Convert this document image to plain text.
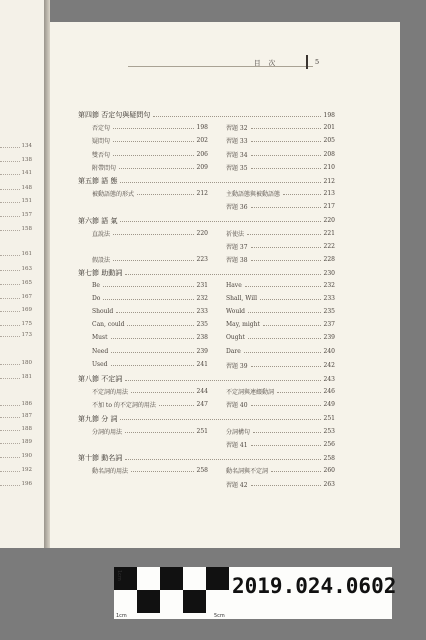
134
138
141
148
151
157
158
161
163
165
167
169
175
173
180
181
186
187
188
189
190
192
196
目 次	5
1cm	5cm
1cm	2019.024.0602
第四節 否定句與疑問句	198
否定句	198	習題 32	201
疑問句	202	習題 33	205
雙否句	206	習題 34	208
附帶問句	209	習題 35	210
第五節 語 態	212
被動語態的形式	212	主動語態與被動語態	213
習題 36	217
第六節 語 氣	220
直說法	220	祈使法	221
習題 37	222
假設法	223	習題 38	228
第七節 助動詞	230
Be	231	Have	232
Do	232	Shall, Will	233
Should	233	Would	235
Can, could	235	May, might	237
Must	238	Ought	239
Need	239	Dare	240
Used	241	習題 39	242
第八節 不定詞	243
不定詞的用法	244	不定詞與連綴動詞	246
不加 to 的不定詞的用法	247	習題 40	249
第九節 分 詞	251
分詞的用法	251	分詞構句	253
習題 41	256
第十節 動名詞	258
動名詞的用法	258	動名詞與不定詞	260
習題 42	263
